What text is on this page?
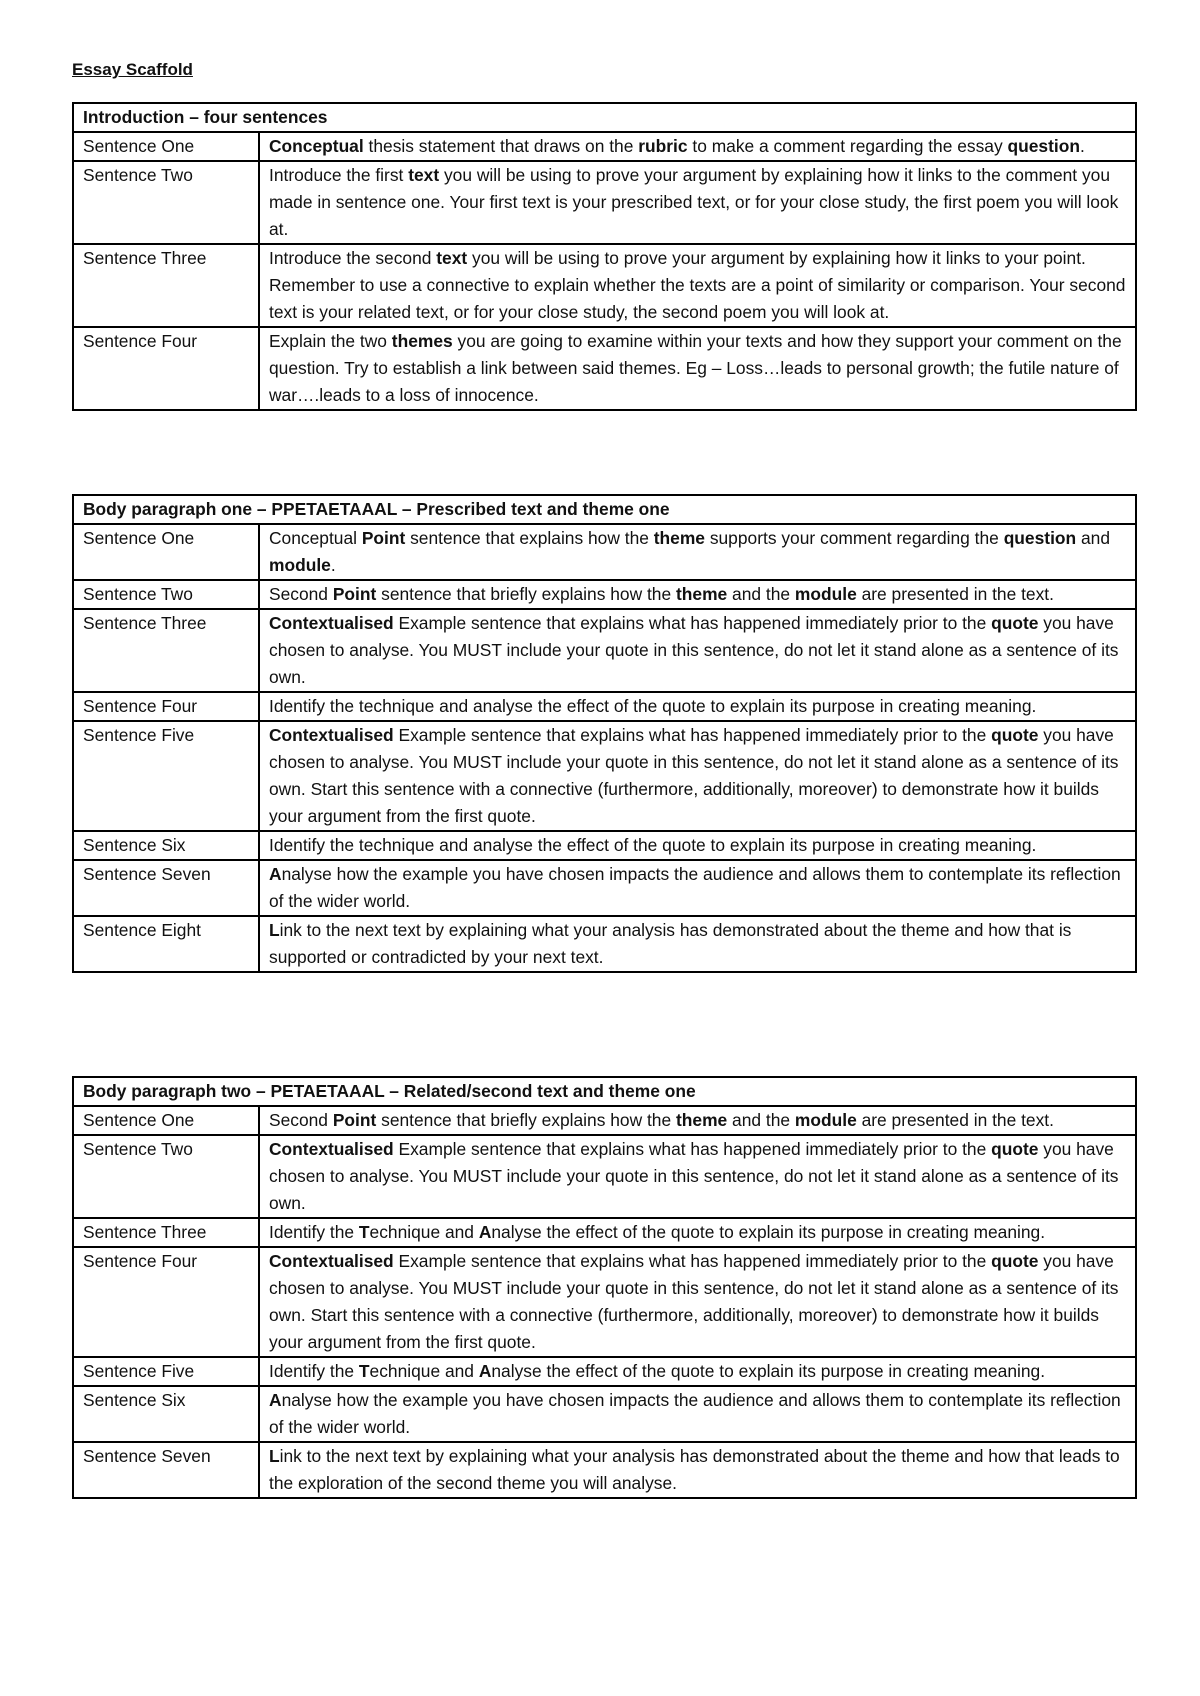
Essay Scaffold
Introduction – four sentences	
Sentence One	Conceptual thesis statement that draws on the rubric to make a comment regarding the essay question.
Sentence Two	Introduce the first text you will be using to prove your argument by explaining how it links to the comment you made in sentence one. Your first text is your prescribed text, or for your close study, the first poem you will look at.
Sentence Three	Introduce the second text you will be using to prove your argument by explaining how it links to your point. Remember to use a connective to explain whether the texts are a point of similarity or comparison. Your second text is your related text, or for your close study, the second poem you will look at.
Sentence Four	Explain the two themes you are going to examine within your texts and how they support your comment on the question. Try to establish a link between said themes. Eg – Loss…leads to personal growth; the futile nature of war….leads to a loss of innocence.
Body paragraph one – PPETAETAAAL – Prescribed text and theme one	
Sentence One	Conceptual Point sentence that explains how the theme supports your comment regarding the question and module.
Sentence Two	Second Point sentence that briefly explains how the theme and the module are presented in the text.
Sentence Three	Contextualised Example sentence that explains what has happened immediately prior to the quote you have chosen to analyse. You MUST include your quote in this sentence, do not let it stand alone as a sentence of its own.
Sentence Four	Identify the technique and analyse the effect of the quote to explain its purpose in creating meaning.
Sentence Five	Contextualised Example sentence that explains what has happened immediately prior to the quote you have chosen to analyse. You MUST include your quote in this sentence, do not let it stand alone as a sentence of its own. Start this sentence with a connective (furthermore, additionally, moreover) to demonstrate how it builds your argument from the first quote.
Sentence Six	Identify the technique and analyse the effect of the quote to explain its purpose in creating meaning.
Sentence Seven	Analyse how the example you have chosen impacts the audience and allows them to contemplate its reflection of the wider world.
Sentence Eight	Link to the next text by explaining what your analysis has demonstrated about the theme and how that is supported or contradicted by your next text.
Body paragraph two – PETAETAAAL – Related/second text and theme one	
Sentence One	Second Point sentence that briefly explains how the theme and the module are presented in the text.
Sentence Two	Contextualised Example sentence that explains what has happened immediately prior to the quote you have chosen to analyse. You MUST include your quote in this sentence, do not let it stand alone as a sentence of its own.
Sentence Three	Identify the Technique and Analyse the effect of the quote to explain its purpose in creating meaning.
Sentence Four	Contextualised Example sentence that explains what has happened immediately prior to the quote you have chosen to analyse. You MUST include your quote in this sentence, do not let it stand alone as a sentence of its own. Start this sentence with a connective (furthermore, additionally, moreover) to demonstrate how it builds your argument from the first quote.
Sentence Five	Identify the Technique and Analyse the effect of the quote to explain its purpose in creating meaning.
Sentence Six	Analyse how the example you have chosen impacts the audience and allows them to contemplate its reflection of the wider world.
Sentence Seven	Link to the next text by explaining what your analysis has demonstrated about the theme and how that leads to the exploration of the second theme you will analyse.
